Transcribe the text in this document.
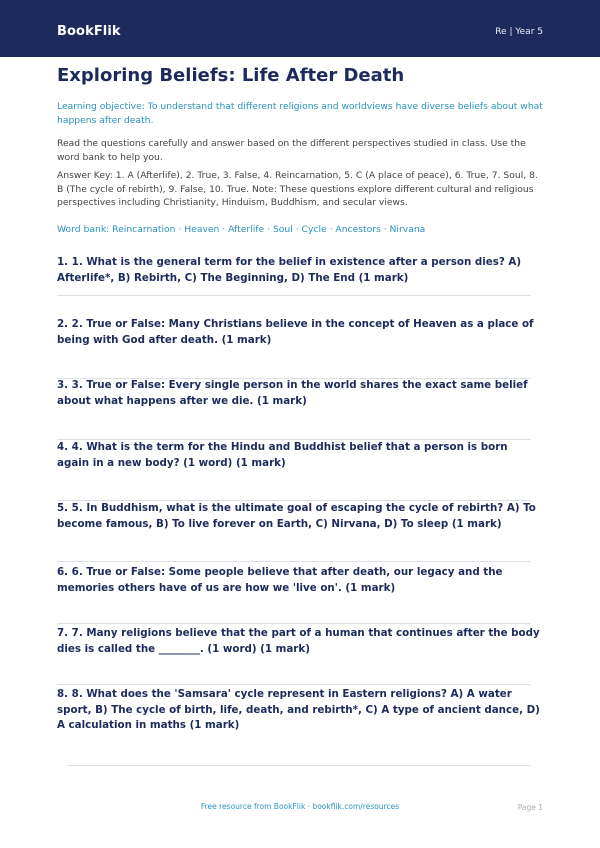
BookFlik	Re | Year 5
Exploring Beliefs: Life After Death

Learning objective: To understand that different religions and worldviews have diverse beliefs about what happens after death.

Read the questions carefully and answer based on the different perspectives studied in class. Use the word bank to help you.

Answer Key: 1. A (Afterlife), 2. True, 3. False, 4. Reincarnation, 5. C (A place of peace), 6. True, 7. Soul, 8. B (The cycle of rebirth), 9. False, 10. True. Note: These questions explore different cultural and religious perspectives including Christianity, Hinduism, Buddhism, and secular views.

Word bank: Reincarnation · Heaven · Afterlife · Soul · Cycle · Ancestors · Nirvana

1. 1. What is the general term for the belief in existence after a person dies? A) Afterlife*, B) Rebirth, C) The Beginning, D) The End (1 mark)
2. 2. True or False: Many Christians believe in the concept of Heaven as a place of being with God after death. (1 mark)
3. 3. True or False: Every single person in the world shares the exact same belief about what happens after we die. (1 mark)
4. 4. What is the term for the Hindu and Buddhist belief that a person is born again in a new body? (1 word) (1 mark)
5. 5. In Buddhism, what is the ultimate goal of escaping the cycle of rebirth? A) To become famous, B) To live forever on Earth, C) Nirvana, D) To sleep (1 mark)
6. 6. True or False: Some people believe that after death, our legacy and the memories others have of us are how we 'live on'. (1 mark)
7. 7. Many religions believe that the part of a human that continues after the body dies is called the ________. (1 word) (1 mark)
8. 8. What does the 'Samsara' cycle represent in Eastern religions? A) A water sport, B) The cycle of birth, life, death, and rebirth*, C) A type of ancient dance, D) A calculation in maths (1 mark)
Free resource from BookFlik · bookflik.com/resources	Page 1
